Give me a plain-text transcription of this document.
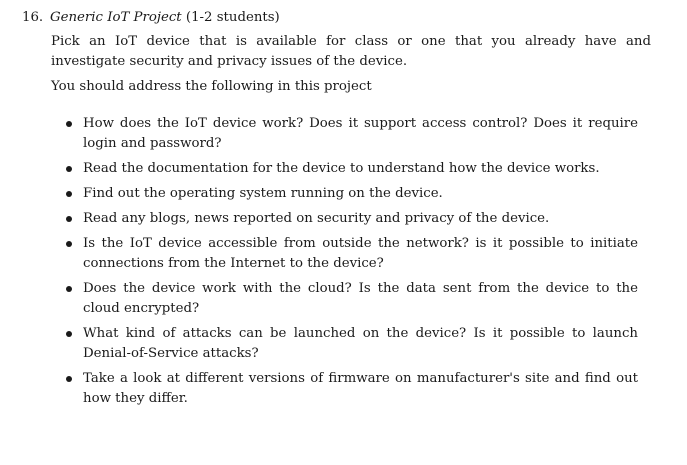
16. Generic IoT Project (1-2 students)
Pick an IoT device that is available for class or one that you already have and investigate security and privacy issues of the device.
You should address the following in this project
How does the IoT device work? Does it support access control? Does it require login and password?
Read the documentation for the device to understand how the device works.
Find out the operating system running on the device.
Read any blogs, news reported on security and privacy of the device.
Is the IoT device accessible from outside the network? is it possible to initiate connections from the Internet to the device?
Does the device work with the cloud? Is the data sent from the device to the cloud encrypted?
What kind of attacks can be launched on the device? Is it possible to launch Denial-of-Service attacks?
Take a look at different versions of firmware on manufacturer's site and find out how they differ.
